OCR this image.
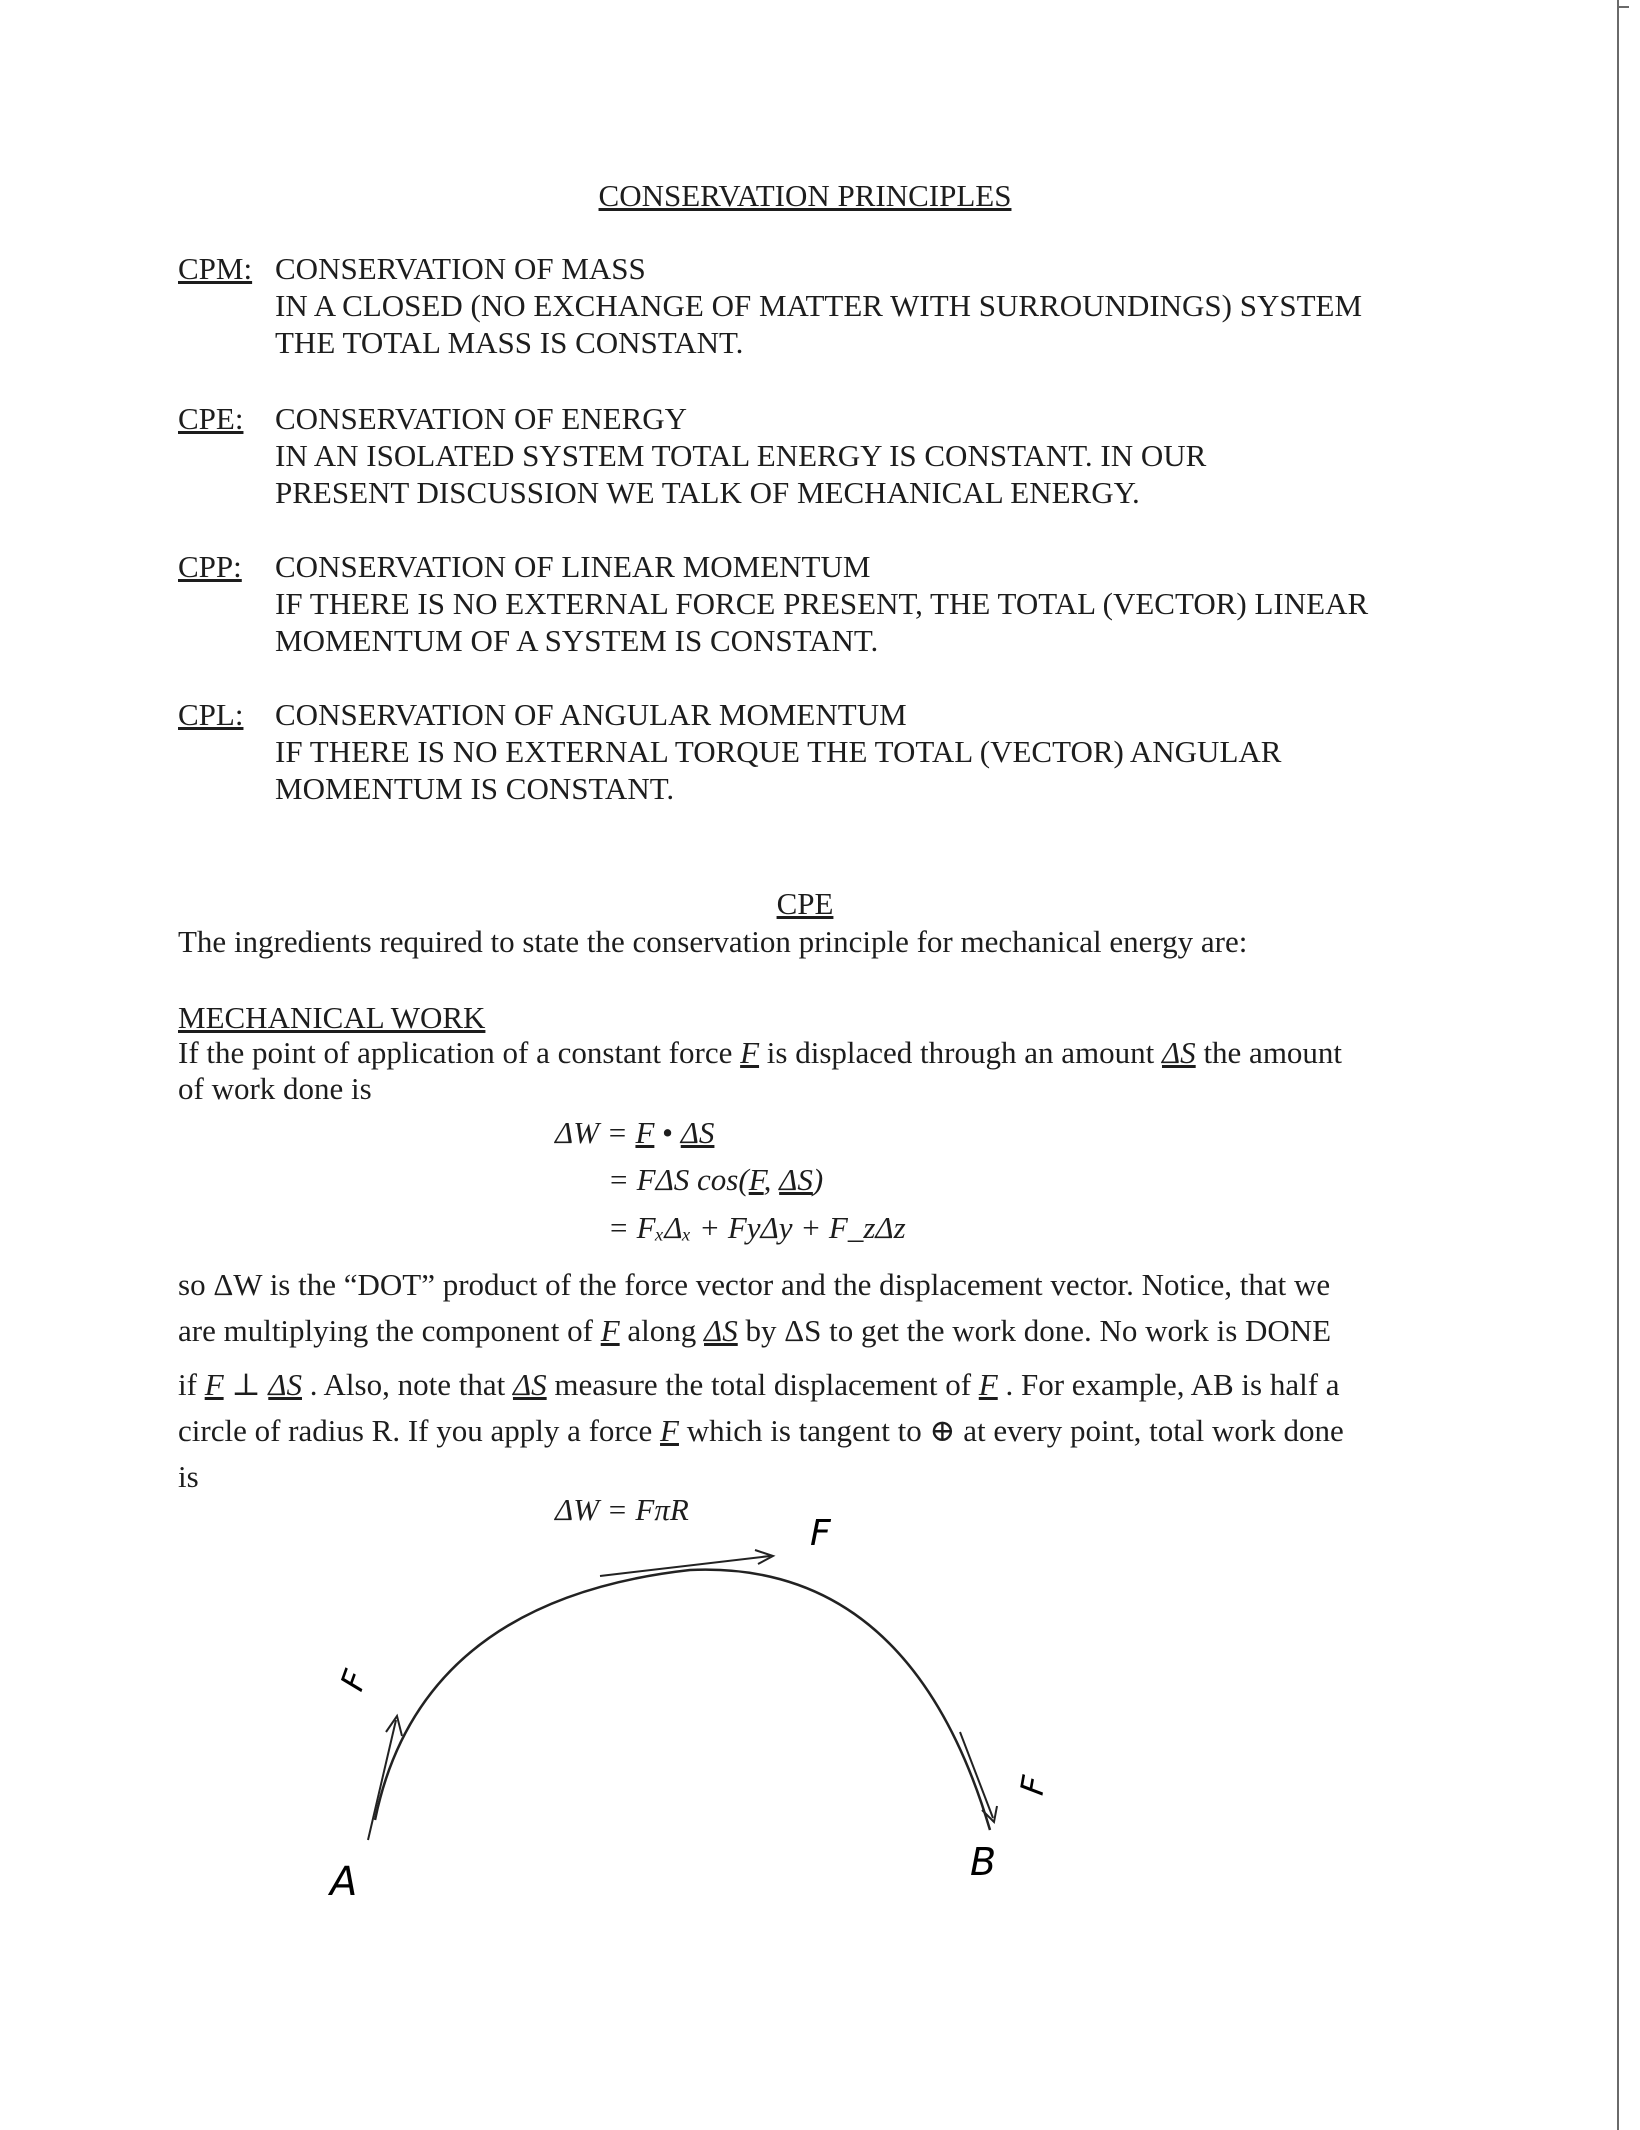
CONSERVATION PRINCIPLES
CPM: CONSERVATION OF MASS
IN A CLOSED (NO EXCHANGE OF MATTER WITH SURROUNDINGS) SYSTEM
THE TOTAL MASS IS CONSTANT.
CPE: CONSERVATION OF ENERGY
IN AN ISOLATED SYSTEM TOTAL ENERGY IS CONSTANT. IN OUR
PRESENT DISCUSSION WE TALK OF MECHANICAL ENERGY.
CPP: CONSERVATION OF LINEAR MOMENTUM
IF THERE IS NO EXTERNAL FORCE PRESENT, THE TOTAL (VECTOR) LINEAR
MOMENTUM OF A SYSTEM IS CONSTANT.
CPL: CONSERVATION OF ANGULAR MOMENTUM
IF THERE IS NO EXTERNAL TORQUE THE TOTAL (VECTOR) ANGULAR
MOMENTUM IS CONSTANT.
CPE
The ingredients required to state the conservation principle for mechanical energy are:
MECHANICAL WORK
If the point of application of a constant force F is displaced through an amount ΔS the amount
of work done is
ΔW = F • ΔS
= FΔS cos(F, ΔS)
= FₓΔₓ + FyΔy + F_zΔz
so ΔW is the “DOT” product of the force vector and the displacement vector. Notice, that we
are multiplying the component of F along ΔS by ΔS to get the work done. No work is DONE
if F ⊥ ΔS . Also, note that ΔS measure the total displacement of F . For example, AB is half a
circle of radius R. If you apply a force F which is tangent to ⊕ at every point, total work done
is
ΔW = FπR
F
F
F
A	B
